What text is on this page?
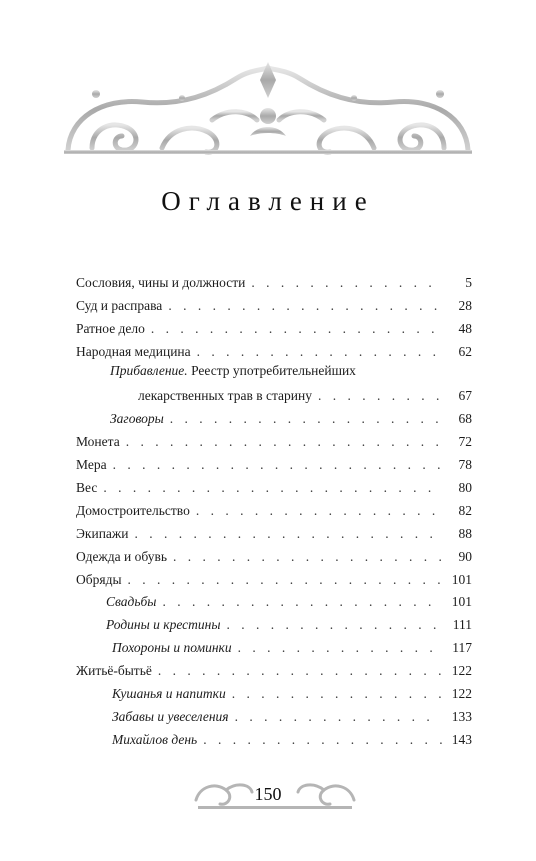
Оглавление
Сословия, чины и должности . . .	5
Суд и расправа . . .	28
Ратное дело . . .	48
Народная медицина . . .	62
Прибавление. Реестр употребительнейших
лекарственных трав в старину . . .	67
Заговоры . . .	68
Монета . . .	72
Мера . . .	78
Вес . . .	80
Домостроительство . . .	82
Экипажи . . .	88
Одежда и обувь . . .	90
Обряды . . .	101
Свадьбы . . .	101
Родины и крестины . . .	111
Похороны и поминки . . .	117
Житьё-бытьё . . .	122
Кушанья и напитки . . .	122
Забавы и увеселения . . .	133
Михайлов день . . .	143
150
